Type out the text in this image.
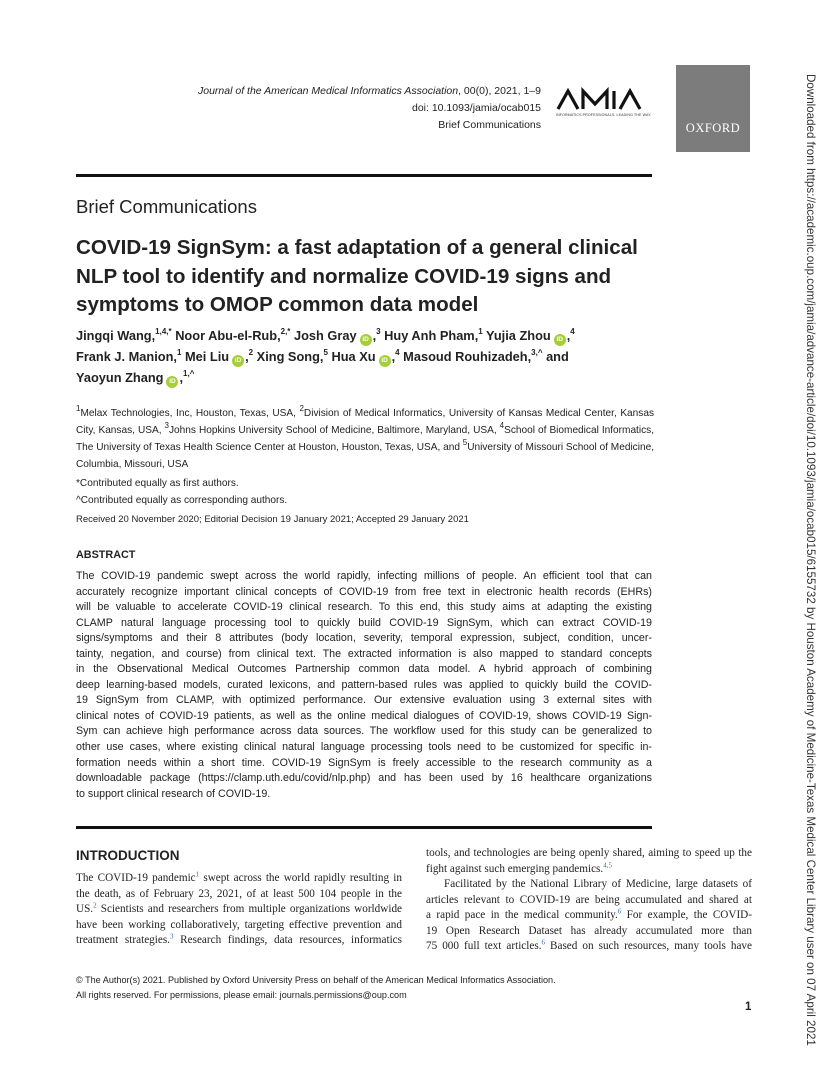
Journal of the American Medical Informatics Association, 00(0), 2021, 1–9
doi: 10.1093/jamia/ocab015
Brief Communications
INFORMATICS PROFESSIONALS. LEADING THE WAY.
OXFORD	Downloaded from https://academic.oup.com/jamia/advance-article/doi/10.1093/jamia/ocab015/6155732 by Houston Academy of Medicine-Texas Medical Center Library user on 07 April 2021
Brief Communications
COVID-19 SignSym: a fast adaptation of a general clinical NLP tool to identify and normalize COVID-19 signs and symptoms to OMOP common data model
Jingqi Wang,$^{1,4,*}$ Noor Abu-el-Rub,$^{2,*}$ Josh Gray iD ,$^3$ Huy Anh Pham,$^1$ Yujia Zhou iD ,$^4$
Frank J. Manion,$^1$ Mei Liu iD ,$^2$ Xing Song,$^5$ Hua Xu iD ,$^4$ Masoud Rouhizadeh,$^{3,\^{}}$ and
Yaoyun Zhang iD ,$^{1,\^{}}$
$^1$Melax Technologies, Inc, Houston, Texas, USA, $^2$Division of Medical Informatics, University of Kansas Medical Center, Kansas
City, Kansas, USA, $^3$Johns Hopkins University School of Medicine, Baltimore, Maryland, USA, $^4$School of Biomedical Informatics,
The University of Texas Health Science Center at Houston, Houston, Texas, USA, and $^5$University of Missouri School of Medicine,
Columbia, Missouri, USA
*Contributed equally as first authors.
^Contributed equally as corresponding authors.
Received 20 November 2020; Editorial Decision 19 January 2021; Accepted 29 January 2021
ABSTRACT
The COVID-19 pandemic swept across the world rapidly, infecting millions of people. An efficient tool that can
accurately recognize important clinical concepts of COVID-19 from free text in electronic health records (EHRs)
will be valuable to accelerate COVID-19 clinical research. To this end, this study aims at adapting the existing
CLAMP natural language processing tool to quickly build COVID-19 SignSym, which can extract COVID-19
signs/symptoms and their 8 attributes (body location, severity, temporal expression, subject, condition, uncer-
tainty, negation, and course) from clinical text. The extracted information is also mapped to standard concepts
in the Observational Medical Outcomes Partnership common data model. A hybrid approach of combining
deep learning-based models, curated lexicons, and pattern-based rules was applied to quickly build the COVID-
19 SignSym from CLAMP, with optimized performance. Our extensive evaluation using 3 external sites with
clinical notes of COVID-19 patients, as well as the online medical dialogues of COVID-19, shows COVID-19 Sign-
Sym can achieve high performance across data sources. The workflow used for this study can be generalized to
other use cases, where existing clinical natural language processing tools need to be customized for specific in-
formation needs within a short time. COVID-19 SignSym is freely accessible to the research community as a
downloadable package (https://clamp.uth.edu/covid/nlp.php) and has been used by 16 healthcare organizations
to support clinical research of COVID-19.
INTRODUCTION
The COVID-19 pandemic$^1$ swept across the world rapidly resulting in
the death, as of February 23, 2021, of at least 500 104 people in the
US.$^2$ Scientists and researchers from multiple organizations worldwide
have been working collaboratively, targeting effective prevention and
treatment strategies.$^3$ Research findings, data resources, informatics
tools, and technologies are being openly shared, aiming to speed up the
fight against such emerging pandemics.$^{4,5}$
Facilitated by the National Library of Medicine, large datasets of
articles relevant to COVID-19 are being accumulated and shared at
a rapid pace in the medical community.$^6$ For example, the COVID-
19 Open Research Dataset has already accumulated more than
75 000 full text articles.$^6$ Based on such resources, many tools have
© The Author(s) 2021. Published by Oxford University Press on behalf of the American Medical Informatics Association.
All rights reserved. For permissions, please email: journals.permissions@oup.com
1
